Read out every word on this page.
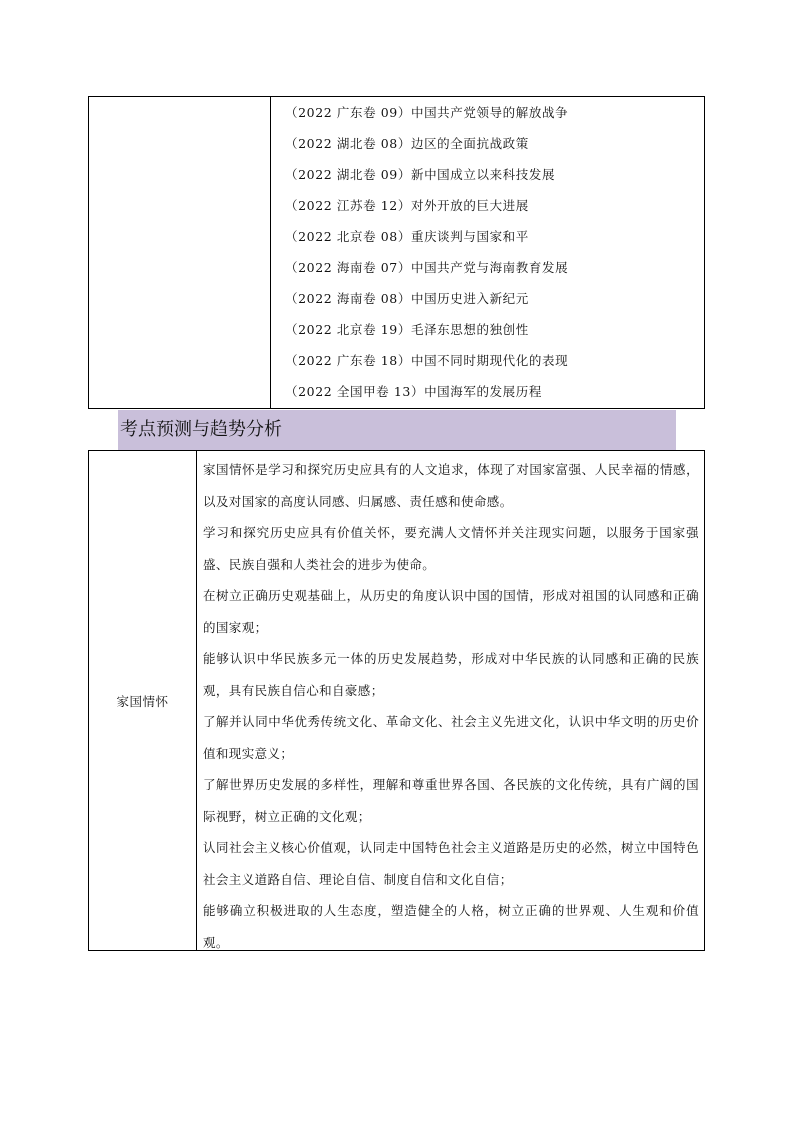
（2022 广东卷 09）中国共产党领导的解放战争
（2022 湖北卷 08）边区的全面抗战政策
（2022 湖北卷 09）新中国成立以来科技发展
（2022 江苏卷 12）对外开放的巨大进展
（2022 北京卷 08）重庆谈判与国家和平
（2022 海南卷 07）中国共产党与海南教育发展
（2022 海南卷 08）中国历史进入新纪元
（2022 北京卷 19）毛泽东思想的独创性
（2022 广东卷 18）中国不同时期现代化的表现
（2022 全国甲卷 13）中国海军的发展历程
考点预测与趋势分析
家国情怀

家国情怀是学习和探究历史应具有的人文追求，体现了对国家富强、人民幸福的情感，以及对国家的高度认同感、归属感、责任感和使命感。

学习和探究历史应具有价值关怀，要充满人文情怀并关注现实问题，以服务于国家强盛、民族自强和人类社会的进步为使命。

在树立正确历史观基础上，从历史的角度认识中国的国情，形成对祖国的认同感和正确的国家观；

能够认识中华民族多元一体的历史发展趋势，形成对中华民族的认同感和正确的民族观，具有民族自信心和自豪感；

了解并认同中华优秀传统文化、革命文化、社会主义先进文化，认识中华文明的历史价值和现实意义；

了解世界历史发展的多样性，理解和尊重世界各国、各民族的文化传统，具有广阔的国际视野，树立正确的文化观；

认同社会主义核心价值观，认同走中国特色社会主义道路是历史的必然，树立中国特色社会主义道路自信、理论自信、制度自信和文化自信；

能够确立积极进取的人生态度，塑造健全的人格，树立正确的世界观、人生观和价值观。
